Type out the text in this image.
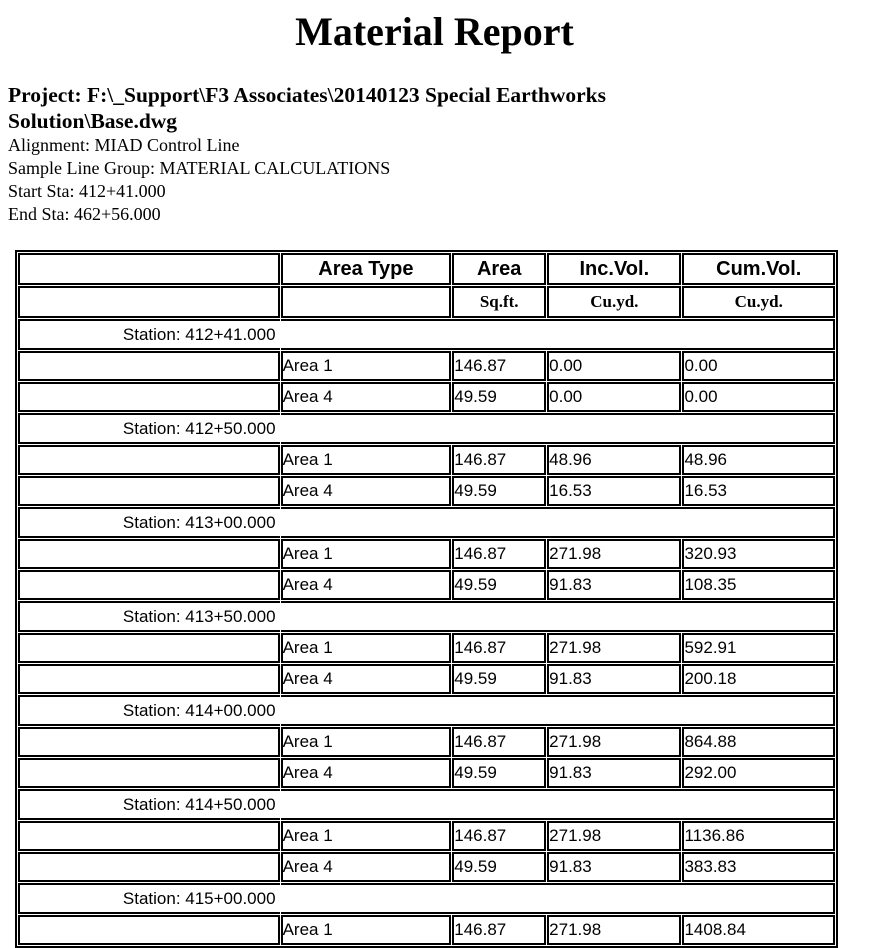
Material Report
Project: F:\_Support\F3 Associates\20140123 Special Earthworks Solution\Base.dwg
Alignment: MIAD Control Line
Sample Line Group: MATERIAL CALCULATIONS
Start Sta: 412+41.000
End Sta: 462+56.000
	Area Type	Area	Inc.Vol.	Cum.Vol.
		Sq.ft.	Cu.yd.	Cu.yd.
Station: 412+41.000				
	Area 1	146.87	0.00	0.00
	Area 4	49.59	0.00	0.00
Station: 412+50.000				
	Area 1	146.87	48.96	48.96
	Area 4	49.59	16.53	16.53
Station: 413+00.000				
	Area 1	146.87	271.98	320.93
	Area 4	49.59	91.83	108.35
Station: 413+50.000				
	Area 1	146.87	271.98	592.91
	Area 4	49.59	91.83	200.18
Station: 414+00.000				
	Area 1	146.87	271.98	864.88
	Area 4	49.59	91.83	292.00
Station: 414+50.000				
	Area 1	146.87	271.98	1136.86
	Area 4	49.59	91.83	383.83
Station: 415+00.000				
	Area 1	146.87	271.98	1408.84
